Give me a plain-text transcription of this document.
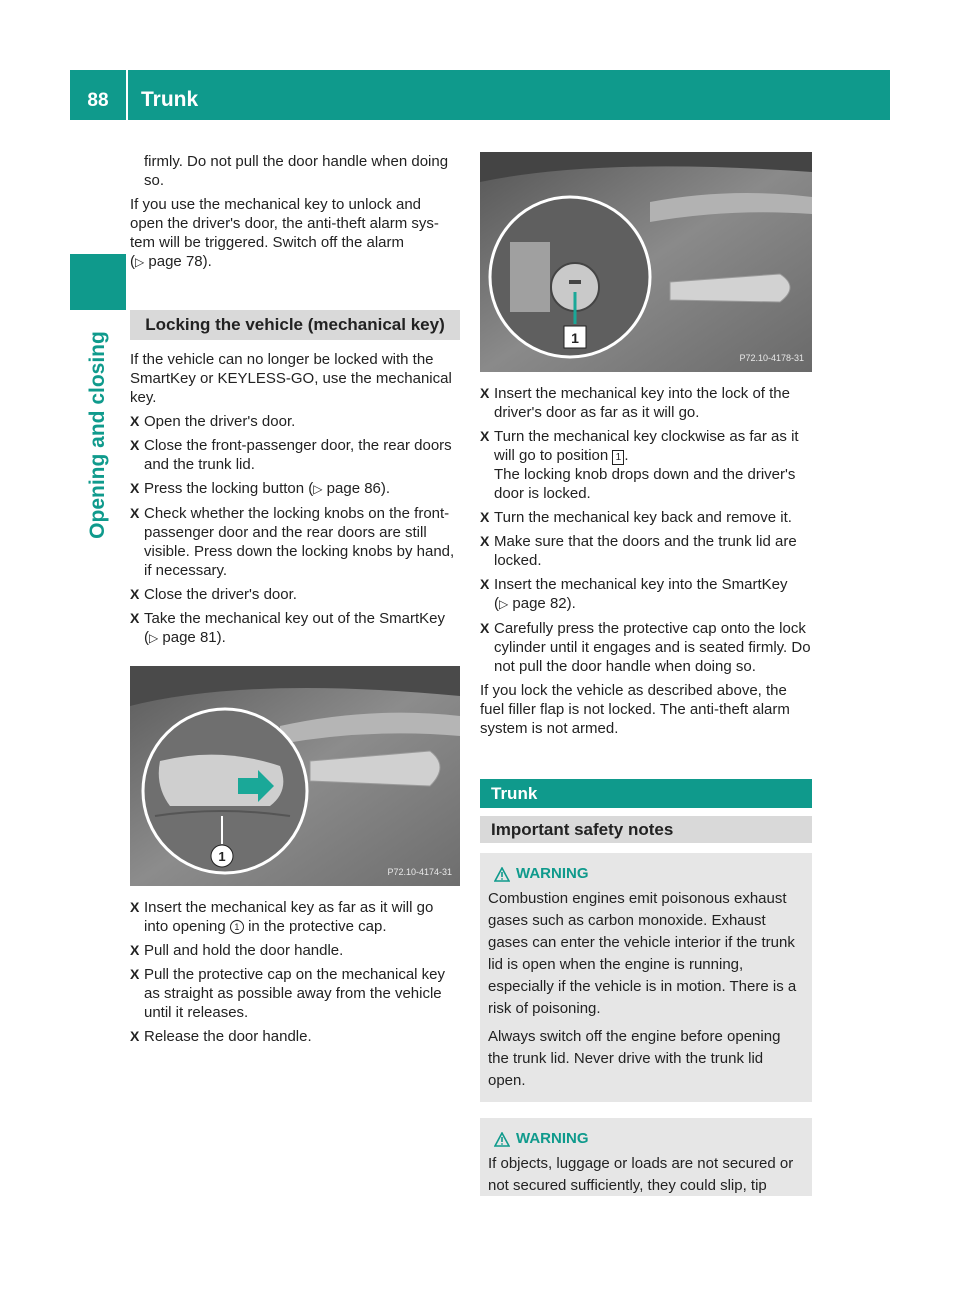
88	Trunk
Opening and closing

firmly. Do not pull the door handle when doing so.

If you use the mechanical key to unlock and

open the driver's door, the anti-theft alarm sys-

tem will be triggered. Switch off the alarm

(▷ page 78).

Locking the vehicle (mechanical key)

If the vehicle can no longer be locked with the SmartKey or KEYLESS-GO, use the mechanical key.

X Open the driver's door.
X Close the front-passenger door, the rear doors and the trunk lid.
X Press the locking button (▷ page 86).
X Check whether the locking knobs on the front-passenger door and the rear doors are still visible. Press down the locking knobs by hand, if necessary.
X Close the driver's door.
X Take the mechanical key out of the SmartKey (▷ page 81).
1
P72.10-4174-31
X Insert the mechanical key as far as it will go into opening 1 in the protective cap.
X Pull and hold the door handle.
X Pull the protective cap on the mechanical key as straight as possible away from the vehicle until it releases.
X Release the door handle.
1
P72.10-4178-31
X Insert the mechanical key into the lock of the driver's door as far as it will go.
X Turn the mechanical key clockwise as far as it will go to position 1 .
The locking knob drops down and the driver's door is locked.
X Turn the mechanical key back and remove it.
X Make sure that the doors and the trunk lid are locked.
X Insert the mechanical key into the SmartKey
(▷ page 82).
X Carefully press the protective cap onto the lock cylinder until it engages and is seated firmly. Do not pull the door handle when doing so.

If you lock the vehicle as described above, the fuel filler flap is not locked. The anti-theft alarm system is not armed.

Trunk
Important safety notes
WARNING

Combustion engines emit poisonous exhaust gases such as carbon monoxide. Exhaust gases can enter the vehicle interior if the trunk lid is open when the engine is running, especially if the vehicle is in motion. There is a risk of poisoning.

Always switch off the engine before opening the trunk lid. Never drive with the trunk lid open.

WARNING

If objects, luggage or loads are not secured or not secured sufficiently, they could slip, tip
